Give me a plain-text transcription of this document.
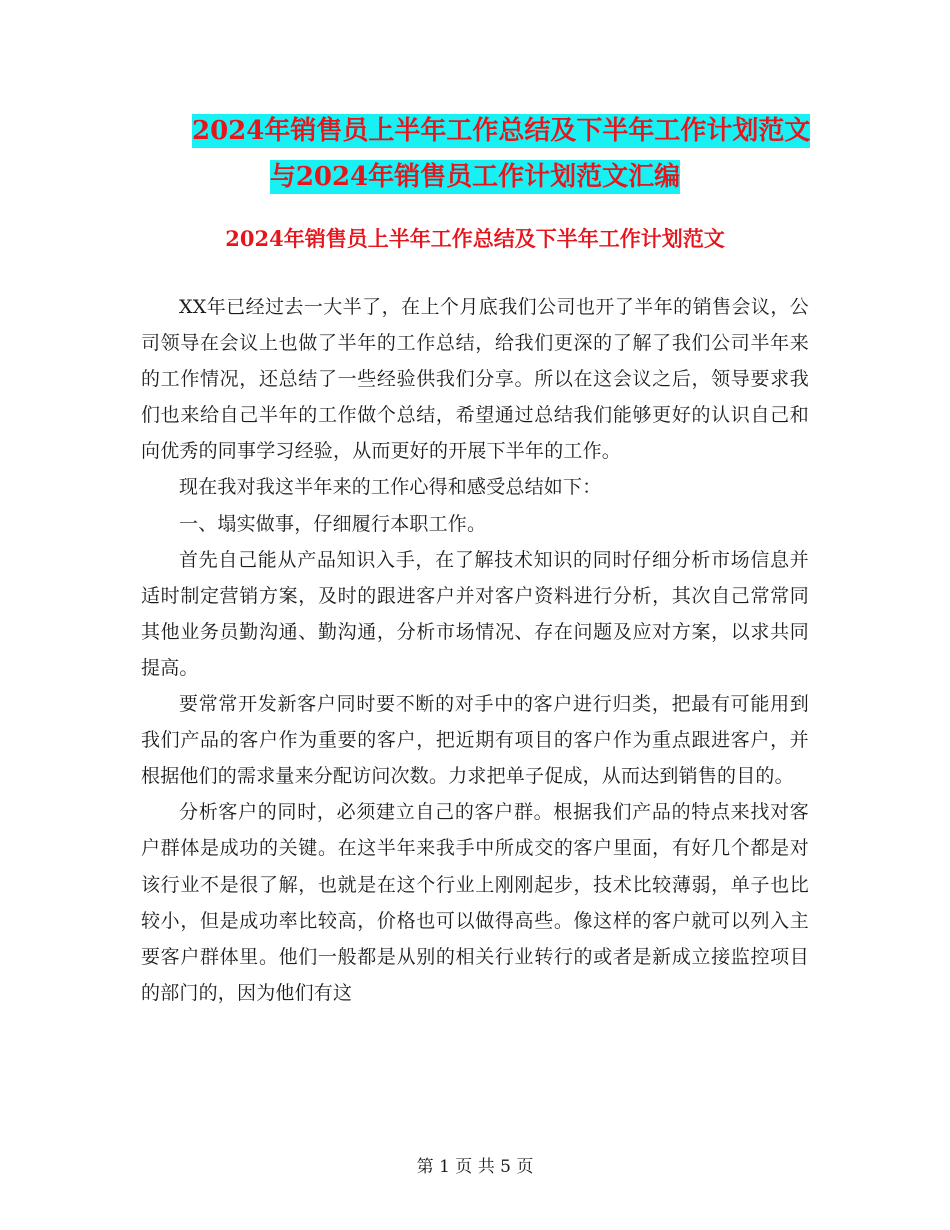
2024年销售员上半年工作总结及下半年工作计划范文
与2024年销售员工作计划范文汇编
2024年销售员上半年工作总结及下半年工作计划范文

XX年已经过去一大半了，在上个月底我们公司也开了半年的销售会议，公司领导在会议上也做了半年的工作总结，给我们更深的了解了我们公司半年来的工作情况，还总结了一些经验供我们分享。所以在这会议之后，领导要求我们也来给自己半年的工作做个总结，希望通过总结我们能够更好的认识自己和向优秀的同事学习经验，从而更好的开展下半年的工作。

现在我对我这半年来的工作心得和感受总结如下：

一、塌实做事，仔细履行本职工作。

首先自己能从产品知识入手，在了解技术知识的同时仔细分析市场信息并适时制定营销方案，及时的跟进客户并对客户资料进行分析，其次自己常常同其他业务员勤沟通、勤沟通，分析市场情况、存在问题及应对方案，以求共同提高。

要常常开发新客户同时要不断的对手中的客户进行归类，把最有可能用到我们产品的客户作为重要的客户，把近期有项目的客户作为重点跟进客户，并根据他们的需求量来分配访问次数。力求把单子促成，从而达到销售的目的。

分析客户的同时，必须建立自己的客户群。根据我们产品的特点来找对客户群体是成功的关键。在这半年来我手中所成交的客户里面，有好几个都是对该行业不是很了解，也就是在这个行业上刚刚起步，技术比较薄弱，单子也比较小，但是成功率比较高，价格也可以做得高些。像这样的客户就可以列入主要客户群体里。他们一般都是从别的相关行业转行的或者是新成立接监控项目的部门的，因为他们有这

第 1 页 共 5 页
